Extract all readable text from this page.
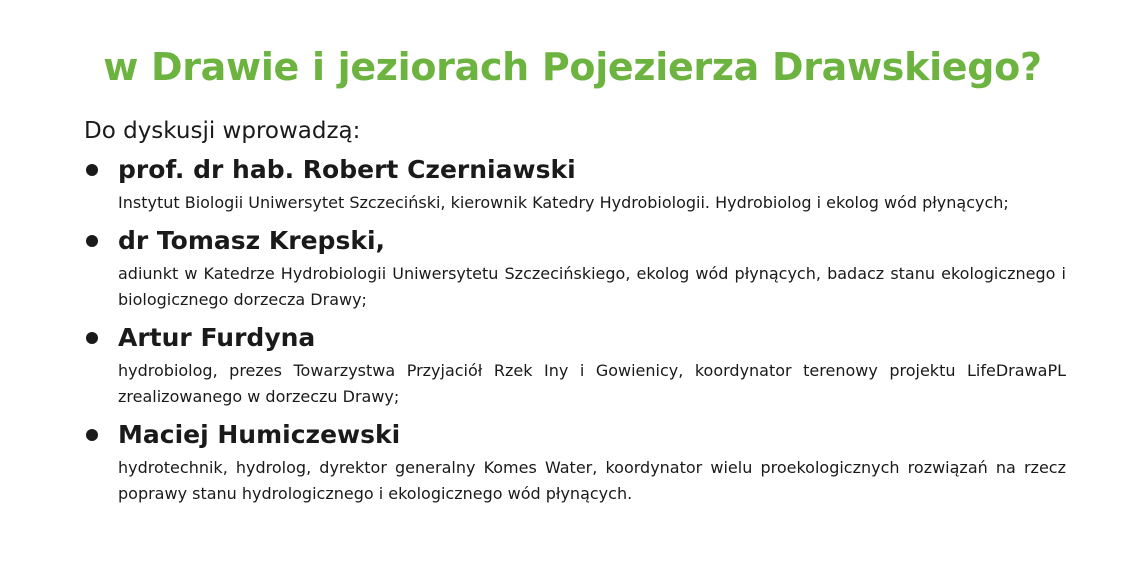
w Drawie i jeziorach Pojezierza Drawskiego?
Do dyskusji wprowadzą:
prof. dr hab. Robert Czerniawski
Instytut Biologii Uniwersytet Szczeciński, kierownik Katedry Hydrobiologii. Hydrobiolog i ekolog wód płynących;
dr Tomasz Krepski,
adiunkt w Katedrze Hydrobiologii Uniwersytetu Szczecińskiego, ekolog wód płynących, badacz stanu ekologicznego i biologicznego dorzecza Drawy;
Artur Furdyna
hydrobiolog, prezes Towarzystwa Przyjaciół Rzek Iny i Gowienicy, koordynator terenowy projektu LifeDrawaPL zrealizowanego w dorzeczu Drawy;
Maciej Humiczewski
hydrotechnik, hydrolog, dyrektor generalny Komes Water, koordynator wielu proekologicznych rozwiązań na rzecz poprawy stanu hydrologicznego i ekologicznego wód płynących.
